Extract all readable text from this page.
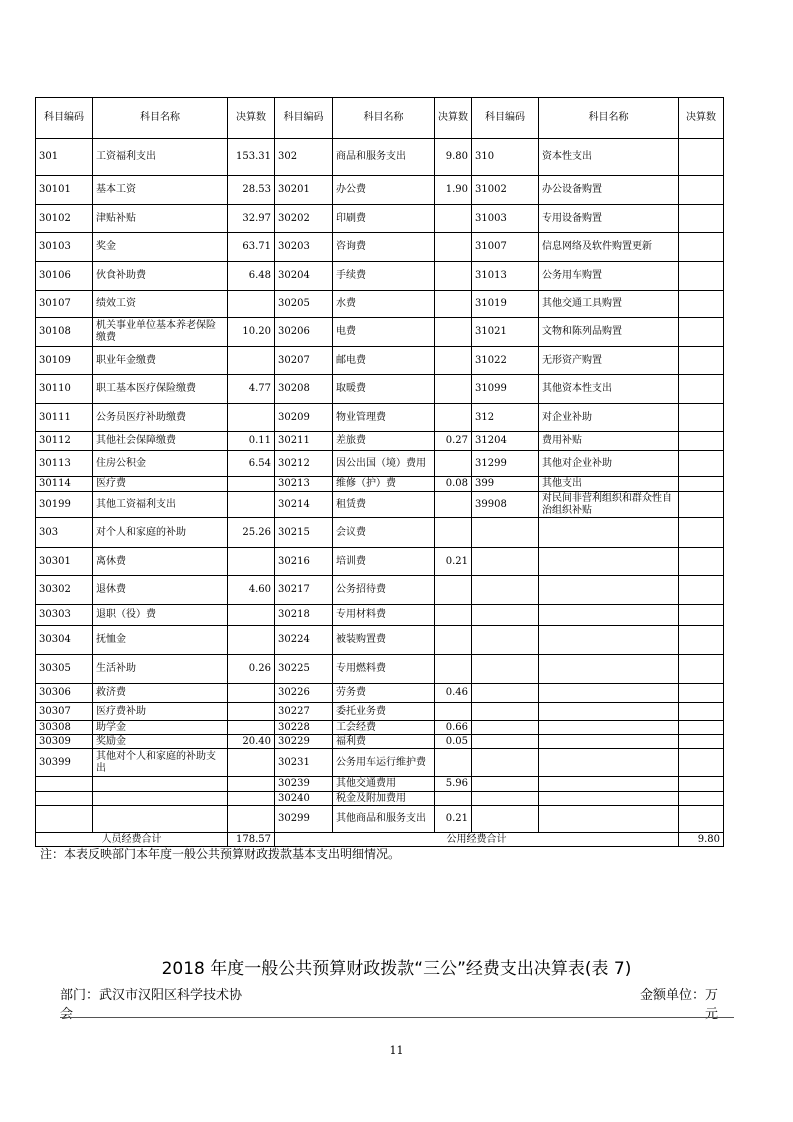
科目编码	科目名称	决算数	科目编码	科目名称	决算数	科目编码	科目名称	决算数
301	工资福利支出	153.31	302	商品和服务支出	9.80	310	资本性支出	
30101	基本工资	28.53	30201	办公费	1.90	31002	办公设备购置	
30102	津贴补贴	32.97	30202	印刷费		31003	专用设备购置	
30103	奖金	63.71	30203	咨询费		31007	信息网络及软件购置更新	
30106	伙食补助费	6.48	30204	手续费		31013	公务用车购置	
30107	绩效工资		30205	水费		31019	其他交通工具购置	
30108	机关事业单位基本养老保险缴费	10.20	30206	电费		31021	文物和陈列品购置	
30109	职业年金缴费		30207	邮电费		31022	无形资产购置	
30110	职工基本医疗保险缴费	4.77	30208	取暖费		31099	其他资本性支出	
30111	公务员医疗补助缴费		30209	物业管理费		312	对企业补助	
30112	其他社会保障缴费	0.11	30211	差旅费	0.27	31204	费用补贴	
30113	住房公积金	6.54	30212	因公出国（境）费用		31299	其他对企业补助	
30114	医疗费		30213	维修（护）费	0.08	399	其他支出	
30199	其他工资福利支出		30214	租赁费		39908	对民间非营利组织和群众性自治组织补贴	
303	对个人和家庭的补助	25.26	30215	会议费				
30301	离休费		30216	培训费	0.21			
30302	退休费	4.60	30217	公务招待费				
30303	退职（役）费		30218	专用材料费				
30304	抚恤金		30224	被装购置费				
30305	生活补助	0.26	30225	专用燃料费				
30306	救济费		30226	劳务费	0.46			
30307	医疗费补助		30227	委托业务费				
30308	助学金		30228	工会经费	0.66			
30309	奖励金	20.40	30229	福利费	0.05			
30399	其他对个人和家庭的补助支出		30231	公务用车运行维护费				
			30239	其他交通费用	5.96			
			30240	税金及附加费用				
			30299	其他商品和服务支出	0.21			
人员经费合计		178.57	公用经费合计					9.80
注：本表反映部门本年度一般公共预算财政拨款基本支出明细情况。
2018 年度一般公共预算财政拨款“三公”经费支出决算表(表 7)
部门：武汉市汉阳区科学技术协
会
金额单位：万
元
11
